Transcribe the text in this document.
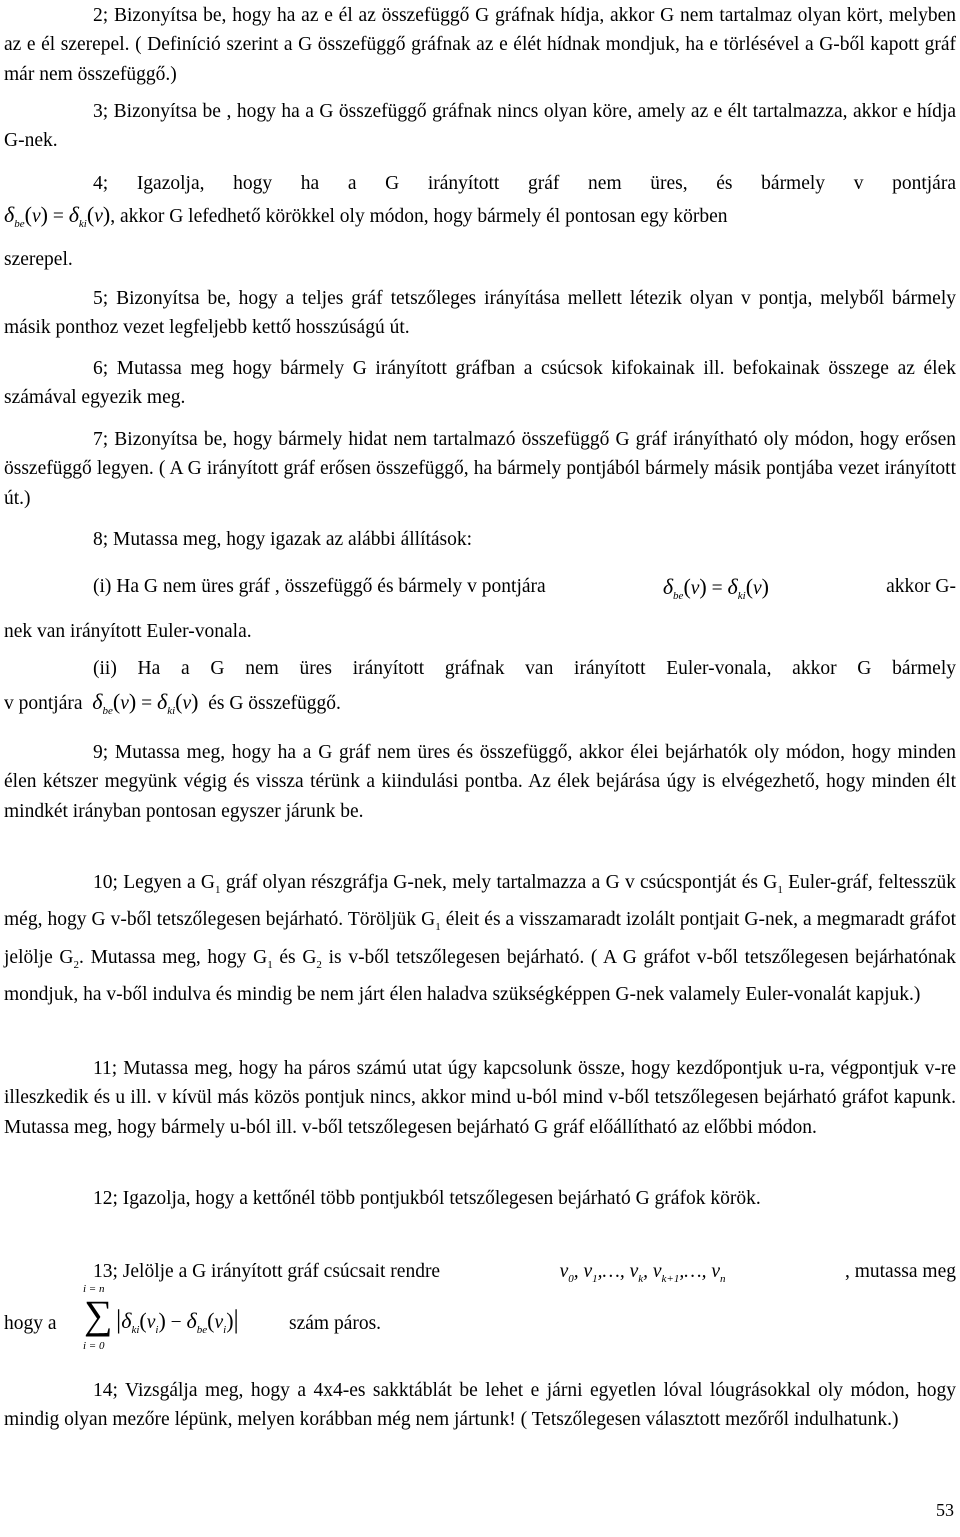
2; Bizonyítsa be, hogy ha az e él az összefüggő G gráfnak hídja, akkor G nem tartalmaz olyan kört, melyben az e él szerepel. ( Definíció szerint a G összefüggő gráfnak az e élét hídnak mondjuk, ha e törlésével a G-ből kapott gráf már nem összefüggő.)

3; Bizonyítsa be , hogy ha a G összefüggő gráfnak nincs olyan köre, amely az e élt tartalmazza, akkor e hídja G-nek.

4; Igazolja, hogy ha a G irányított gráf nem üres, és bármely v pontjára

$\delta_{be}(v) = \delta_{ki}(v)$, akkor G lefedhető körökkel oly módon, hogy bármely él pontosan egy körben

szerepel.

5; Bizonyítsa be, hogy a teljes gráf tetszőleges irányítása mellett létezik olyan v pontja, melyből bármely másik ponthoz vezet legfeljebb kettő hosszúságú út.

6; Mutassa meg hogy bármely G irányított gráfban a csúcsok kifokainak ill. befokainak összege az élek számával egyezik meg.

7; Bizonyítsa be, hogy bármely hidat nem tartalmazó összefüggő G gráf irányítható oly módon, hogy erősen összefüggő legyen. ( A G irányított gráf erősen összefüggő, ha bármely pontjából bármely másik pontjába vezet irányított út.)

8; Mutassa meg, hogy igazak az alábbi állítások:

(i) Ha G nem üres gráf , összefüggő és bármely v pontjára	$\delta_{be}(v) = \delta_{ki}(v)$	akkor G-

nek van irányított Euler-vonala.

(ii) Ha a G nem üres irányított gráfnak van irányított Euler-vonala, akkor G bármely

v pontjára $\delta_{be}(v) = \delta_{ki}(v)$ és G összefüggő.

9; Mutassa meg, hogy ha a G gráf nem üres és összefüggő, akkor élei bejárhatók oly módon, hogy minden élen kétszer megyünk végig és vissza térünk a kiindulási pontba. Az élek bejárása úgy is elvégezhető, hogy minden élt mindkét irányban pontosan egyszer járunk be.

10; Legyen a $G_1$ gráf olyan részgráfja G-nek, mely tartalmazza a G v csúcspontját és $G_1$ Euler-gráf, feltesszük még, hogy G v-ből tetszőlegesen bejárható. Töröljük $G_1$ éleit és a visszamaradt izolált pontjait G-nek, a megmaradt gráfot jelölje $G_2$. Mutassa meg, hogy $G_1$ és $G_2$ is v-ből tetszőlegesen bejárható. ( A G gráfot v-ből tetszőlegesen bejárhatónak mondjuk, ha v-ből indulva és mindig be nem járt élen haladva szükségképpen G-nek valamely Euler-vonalát kapjuk.)

11; Mutassa meg, hogy ha páros számú utat úgy kapcsolunk össze, hogy kezdőpontjuk u-ra, végpontjuk v-re illeszkedik és u ill. v kívül más közös pontjuk nincs, akkor mind u-ból mind v-ből tetszőlegesen bejárható gráfot kapunk. Mutassa meg, hogy bármely u-ból ill. v-ből tetszőlegesen bejárható G gráf előállítható az előbbi módon.

12; Igazolja, hogy a kettőnél több pontjukból tetszőlegesen bejárható G gráfok körök.

13; Jelölje a G irányított gráf csúcsait rendre	$v_0$, $v_1,\dots$, $v_k$, $v_{k+1},\dots$, $v_n$	, mutassa meg

hogy a
i = n
∑
i = 0
$|\delta_{ki}(v_i) - \delta_{be}(v_i)|$	szám páros.

14; Vizsgálja meg, hogy a 4x4-es sakktáblát be lehet e járni egyetlen lóval lóugrásokkal oly módon, hogy mindig olyan mezőre lépünk, melyen korábban még nem jártunk! ( Tetszőlegesen választott mezőről indulhatunk.)

53
